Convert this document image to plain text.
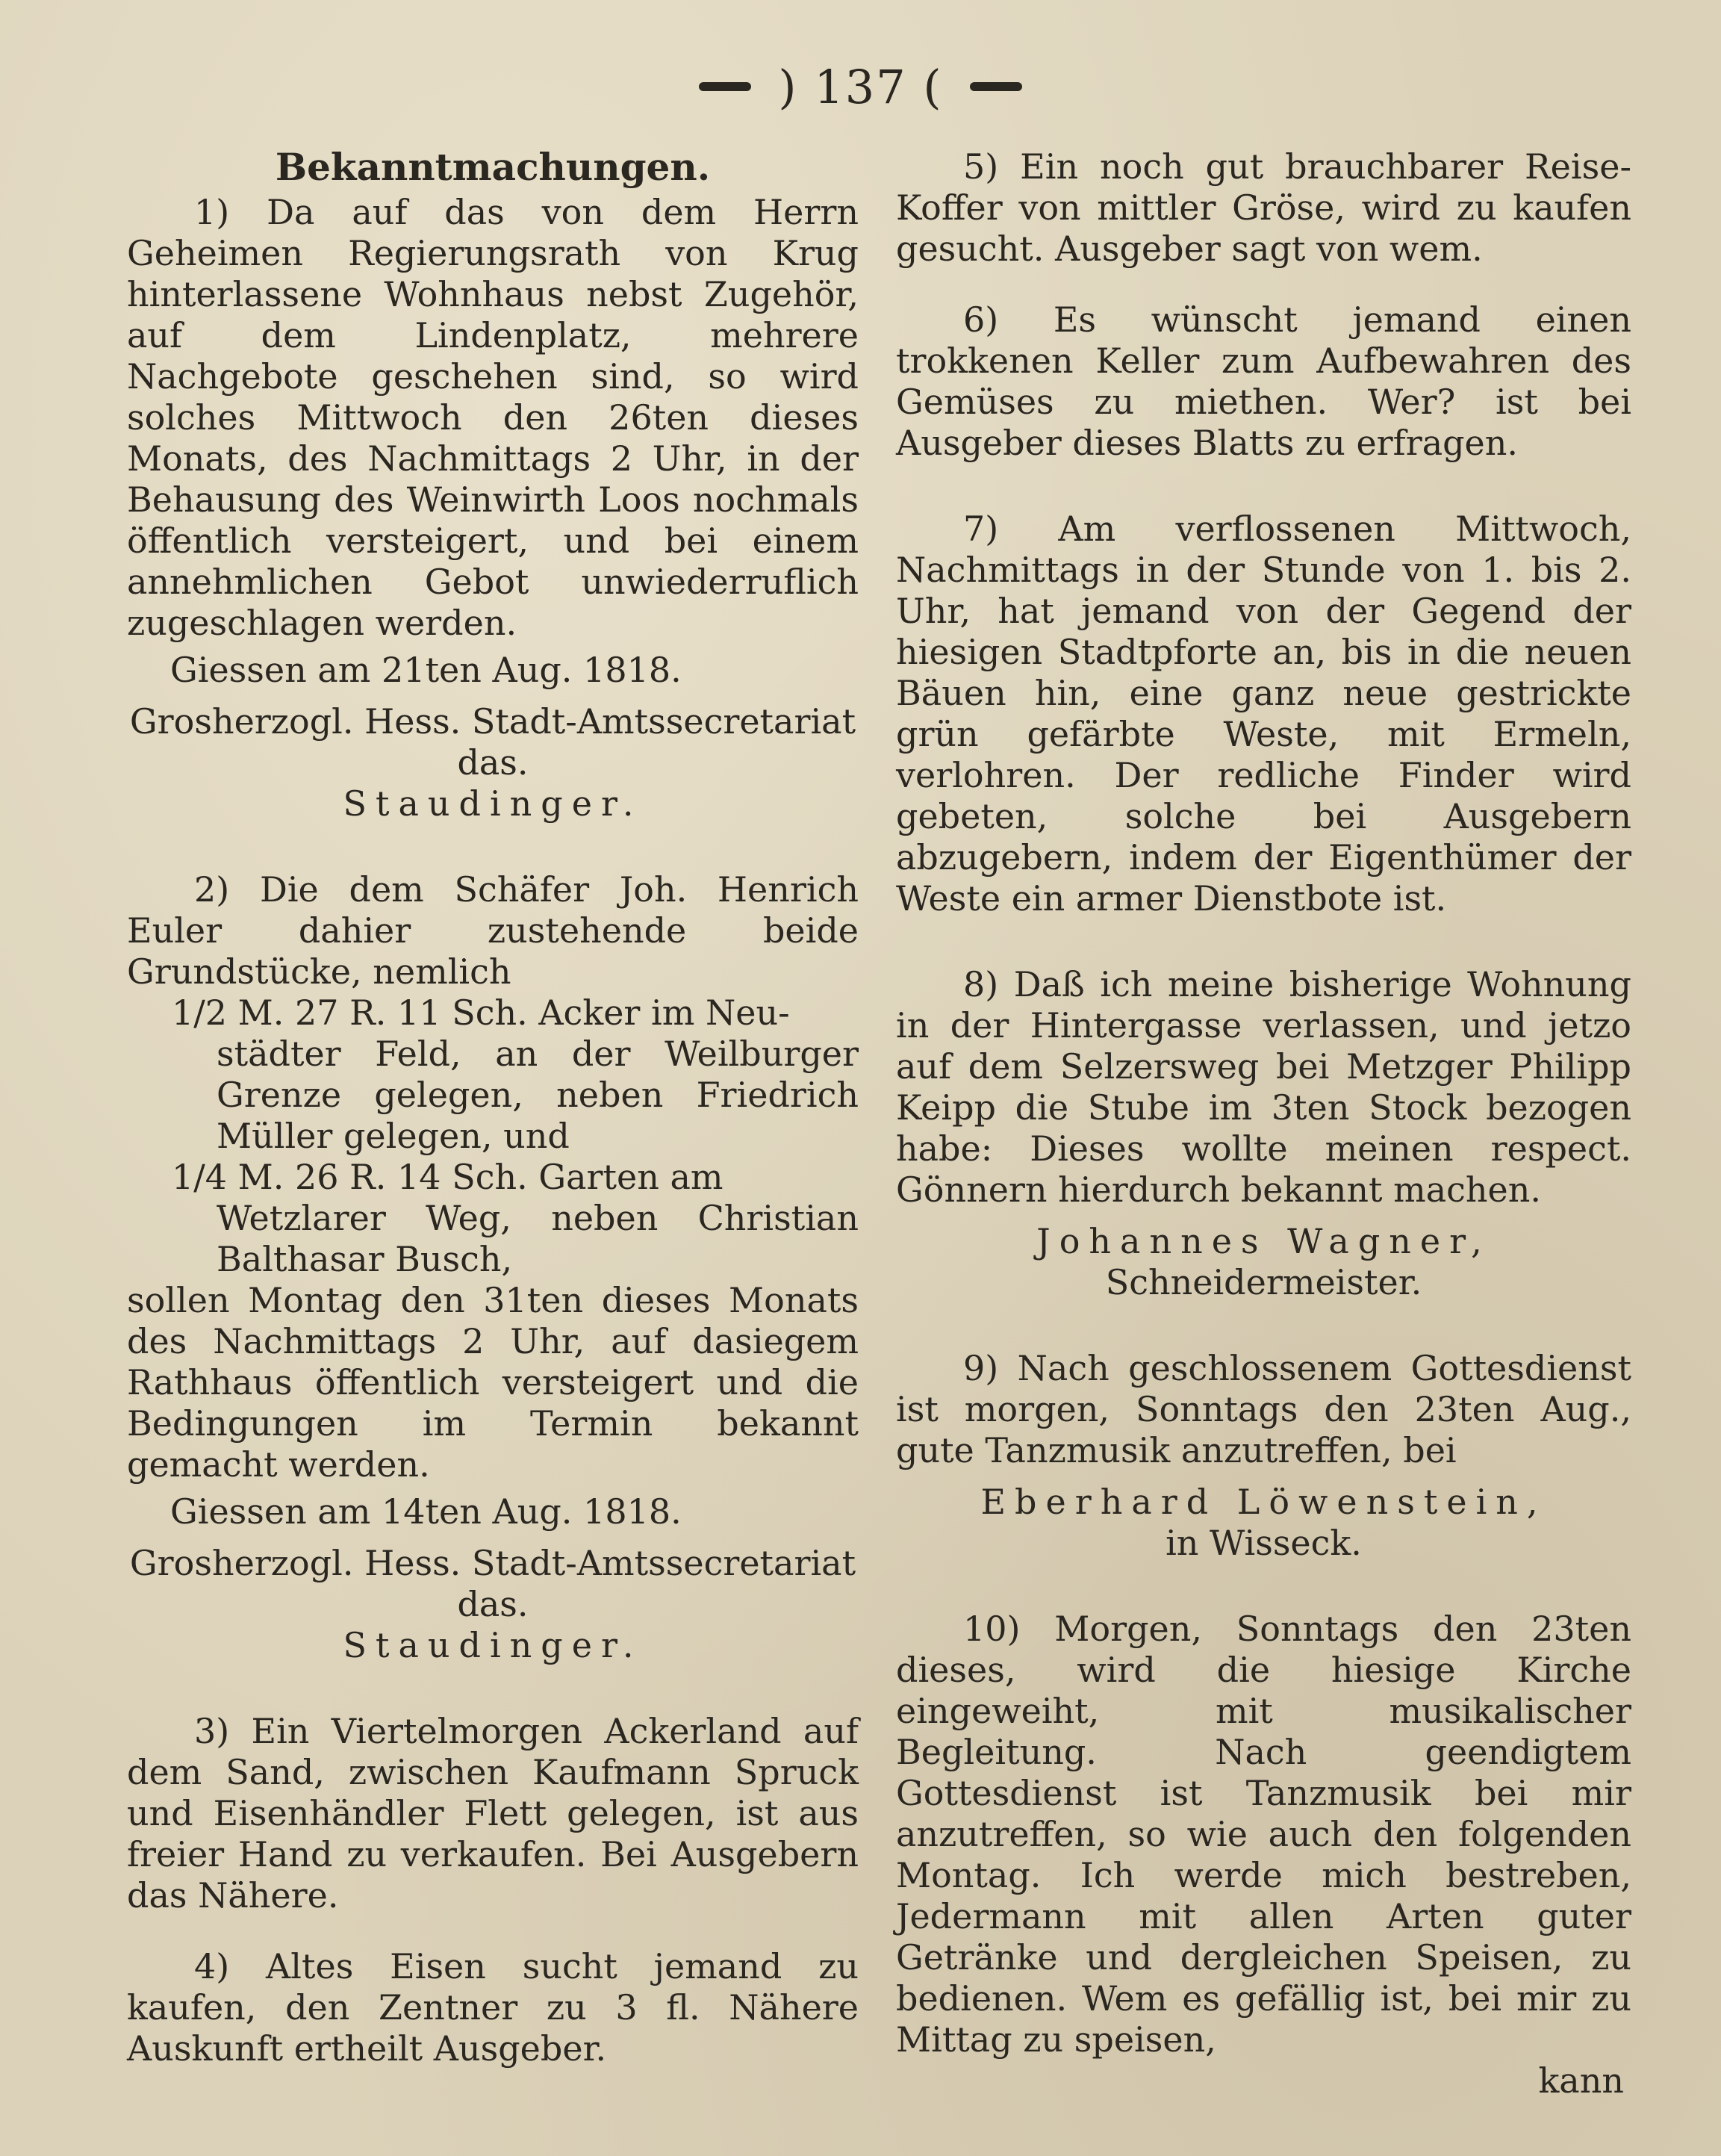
) 137 (
Bekanntmachungen.

1) Da auf das von dem Herrn Geheimen Regierungsrath von Krug hinterlassene Wohnhaus nebst Zugehör, auf dem Lindenplatz, mehrere Nachgebote geschehen sind, so wird solches Mittwoch den 26ten dieses Monats, des Nachmittags 2 Uhr, in der Behausung des Weinwirth Loos nochmals öffentlich versteigert, und bei einem annehmlichen Gebot unwiederruflich zugeschlagen werden.

Giessen am 21ten Aug. 1818.
Grosherzogl. Hess. Stadt-Amtssecretariat das.
Staudinger.

2) Die dem Schäfer Joh. Henrich Euler dahier zustehende beide Grundstücke, nemlich

1/2 M. 27 R. 11 Sch. Acker im Neu-
städter Feld, an der Weilburger Grenze gelegen, neben Friedrich Müller gelegen, und
1/4 M. 26 R. 14 Sch. Garten am
Wetzlarer Weg, neben Christian Balthasar Busch,

sollen Montag den 31ten dieses Monats des Nachmittags 2 Uhr, auf dasiegem Rathhaus öffentlich versteigert und die Bedingungen im Termin bekannt gemacht werden.

Giessen am 14ten Aug. 1818.
Grosherzogl. Hess. Stadt-Amtssecretariat das.
Staudinger.

3) Ein Viertelmorgen Ackerland auf dem Sand, zwischen Kaufmann Spruck und Eisenhändler Flett gelegen, ist aus freier Hand zu verkaufen. Bei Ausgebern das Nähere.

4) Altes Eisen sucht jemand zu kaufen, den Zentner zu 3 fl. Nähere Auskunft ertheilt Ausgeber.

5) Ein noch gut brauchbarer Reise-Koffer von mittler Gröse, wird zu kaufen gesucht. Ausgeber sagt von wem.

6) Es wünscht jemand einen trokkenen Keller zum Aufbewahren des Gemüses zu miethen. Wer? ist bei Ausgeber dieses Blatts zu erfragen.

7) Am verflossenen Mittwoch, Nachmittags in der Stunde von 1. bis 2. Uhr, hat jemand von der Gegend der hiesigen Stadtpforte an, bis in die neuen Bäuen hin, eine ganz neue gestrickte grün gefärbte Weste, mit Ermeln, verlohren. Der redliche Finder wird gebeten, solche bei Ausgebern abzugebern, indem der Eigenthümer der Weste ein armer Dienstbote ist.

8) Daß ich meine bisherige Wohnung in der Hintergasse verlassen, und jetzo auf dem Selzersweg bei Metzger Philipp Keipp die Stube im 3ten Stock bezogen habe: Dieses wollte meinen respect. Gönnern hierdurch bekannt machen.

Johannes Wagner,
Schneidermeister.

9) Nach geschlossenem Gottesdienst ist morgen, Sonntags den 23ten Aug., gute Tanzmusik anzutreffen, bei

Eberhard Löwenstein,
in Wisseck.

10) Morgen, Sonntags den 23ten dieses, wird die hiesige Kirche eingeweiht, mit musikalischer Begleitung. Nach geendigtem Gottesdienst ist Tanzmusik bei mir anzutreffen, so wie auch den folgenden Montag. Ich werde mich bestreben, Jedermann mit allen Arten guter Getränke und dergleichen Speisen, zu bedienen. Wem es gefällig ist, bei mir zu Mittag zu speisen,

kann
